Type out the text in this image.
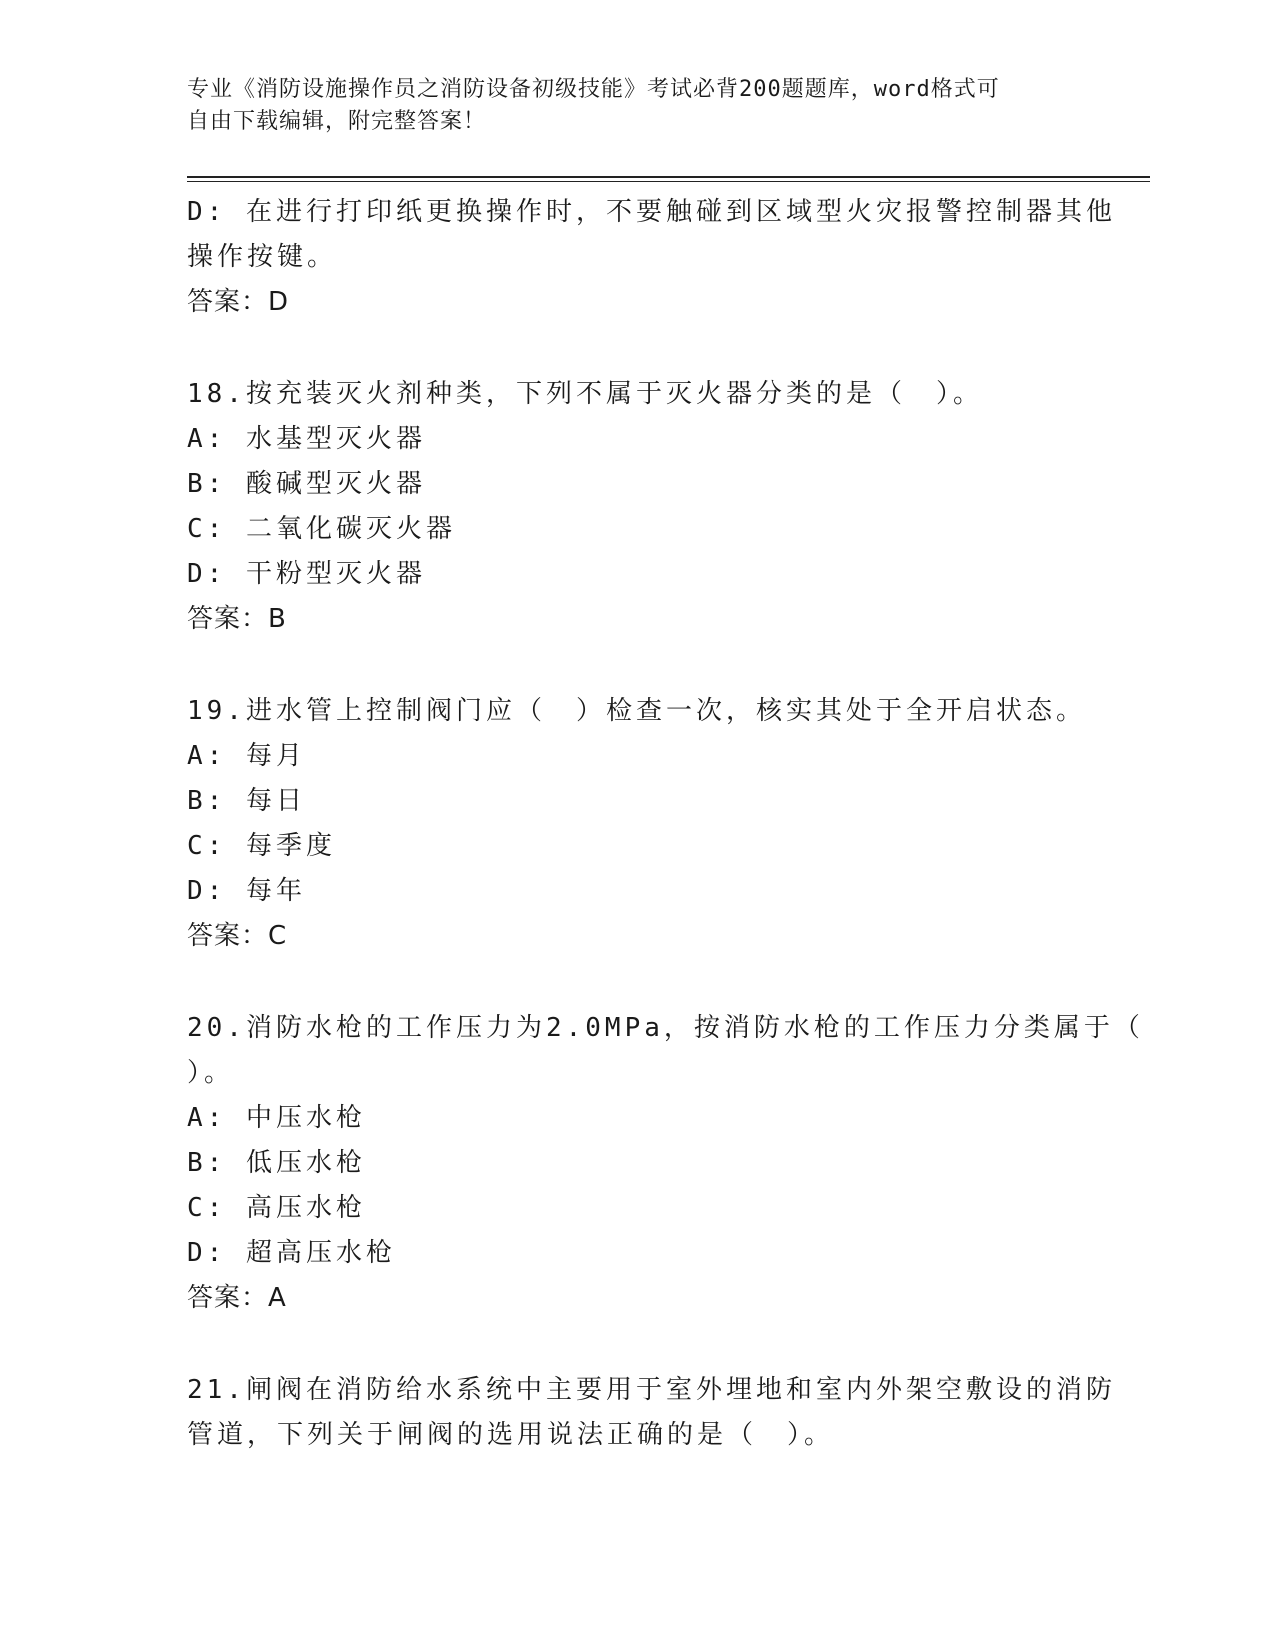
专业《消防设施操作员之消防设备初级技能》考试必背200题题库，word格式可
自由下载编辑，附完整答案！
D: 在进行打印纸更换操作时，不要触碰到区域型火灾报警控制器其他
操作按键。
答案：D
18.按充装灭火剂种类，下列不属于灭火器分类的是（　）。
A: 水基型灭火器
B: 酸碱型灭火器
C: 二氧化碳灭火器
D: 干粉型灭火器
答案：B
19.进水管上控制阀门应（　）检查一次，核实其处于全开启状态。
A: 每月
B: 每日
C: 每季度
D: 每年
答案：C
20.消防水枪的工作压力为2.0MPa，按消防水枪的工作压力分类属于（
）。
A: 中压水枪
B: 低压水枪
C: 高压水枪
D: 超高压水枪
答案：A
21.闸阀在消防给水系统中主要用于室外埋地和室内外架空敷设的消防
管道，下列关于闸阀的选用说法正确的是（　）。
